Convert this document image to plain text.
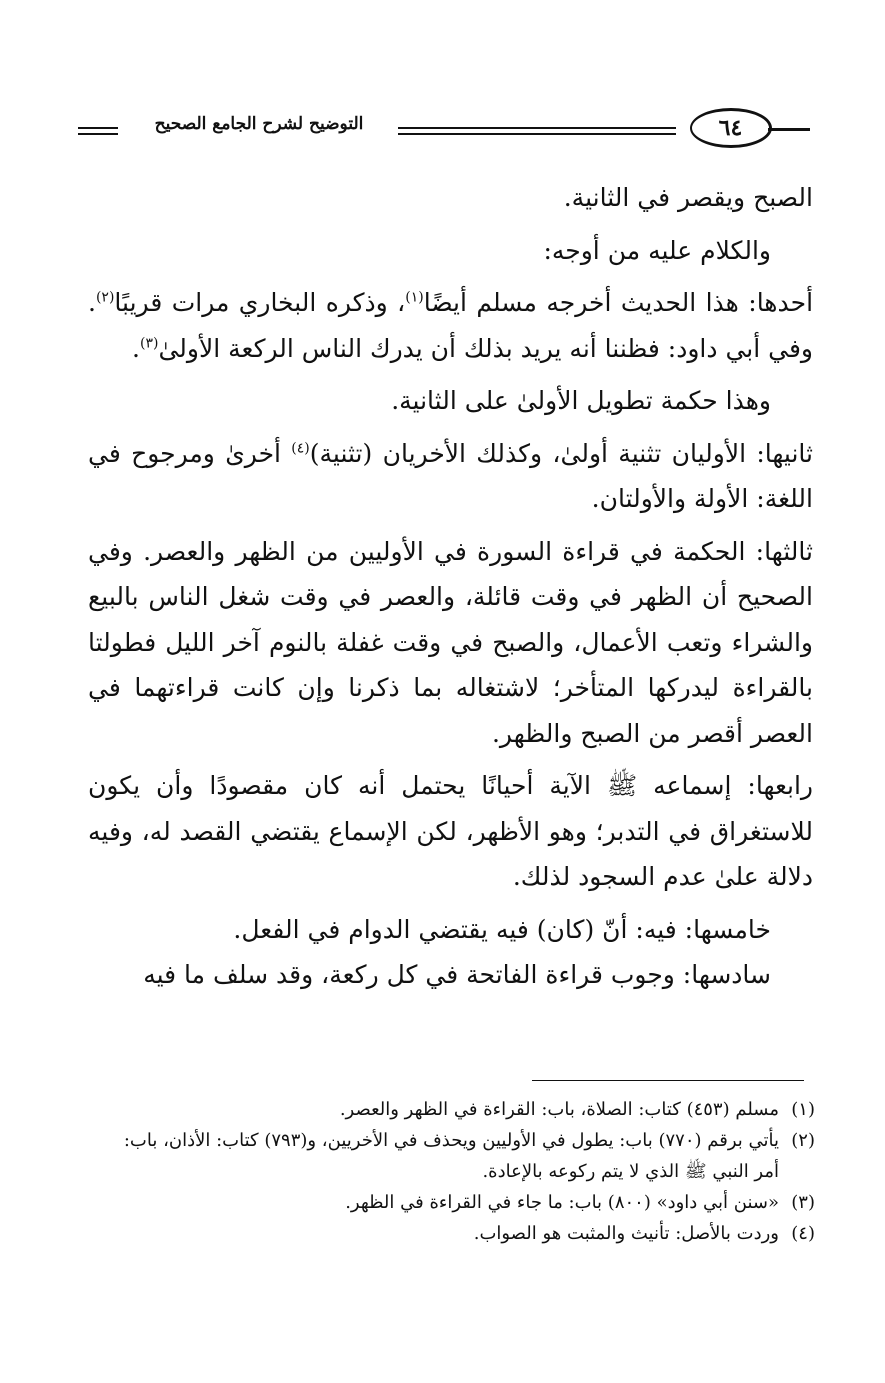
التوضيح لشرح الجامع الصحيح	٦٤

الصبح ويقصر في الثانية.

والكلام عليه من أوجه:

أحدها: هذا الحديث أخرجه مسلم أيضًا$^{(١)}$، وذكره البخاري مرات قريبًا$^{(٢)}$. وفي أبي داود: فظننا أنه يريد بذلك أن يدرك الناس الركعة الأولىٰ$^{(٣)}$.

وهذا حكمة تطويل الأولىٰ على الثانية.

ثانيها: الأوليان تثنية أولىٰ، وكذلك الأخريان (تثنية)$^{(٤)}$ أخرىٰ ومرجوح في اللغة: الأولة والأولتان.

ثالثها: الحكمة في قراءة السورة في الأوليين من الظهر والعصر. وفي الصحيح أن الظهر في وقت قائلة، والعصر في وقت شغل الناس بالبيع والشراء وتعب الأعمال، والصبح في وقت غفلة بالنوم آخر الليل فطولتا بالقراءة ليدركها المتأخر؛ لاشتغاله بما ذكرنا وإن كانت قراءتهما في العصر أقصر من الصبح والظهر.

رابعها: إسماعه ﷺ الآية أحيانًا يحتمل أنه كان مقصودًا وأن يكون للاستغراق في التدبر؛ وهو الأظهر، لكن الإسماع يقتضي القصد له، وفيه دلالة علىٰ عدم السجود لذلك.

خامسها: فيه: أنّ (كان) فيه يقتضي الدوام في الفعل.

سادسها: وجوب قراءة الفاتحة في كل ركعة، وقد سلف ما فيه

(١)
مسلم (٤٥٣) كتاب: الصلاة، باب: القراءة في الظهر والعصر.
(٢)
يأتي برقم (٧٧٠) باب: يطول في الأوليين ويحذف في الأخريين، و(٧٩٣) كتاب: الأذان، باب: أمر النبي ﷺ الذي لا يتم ركوعه بالإعادة.
(٣)
«سنن أبي داود» (٨٠٠) باب: ما جاء في القراءة في الظهر.
(٤)
وردت بالأصل: تأنيث والمثبت هو الصواب.
